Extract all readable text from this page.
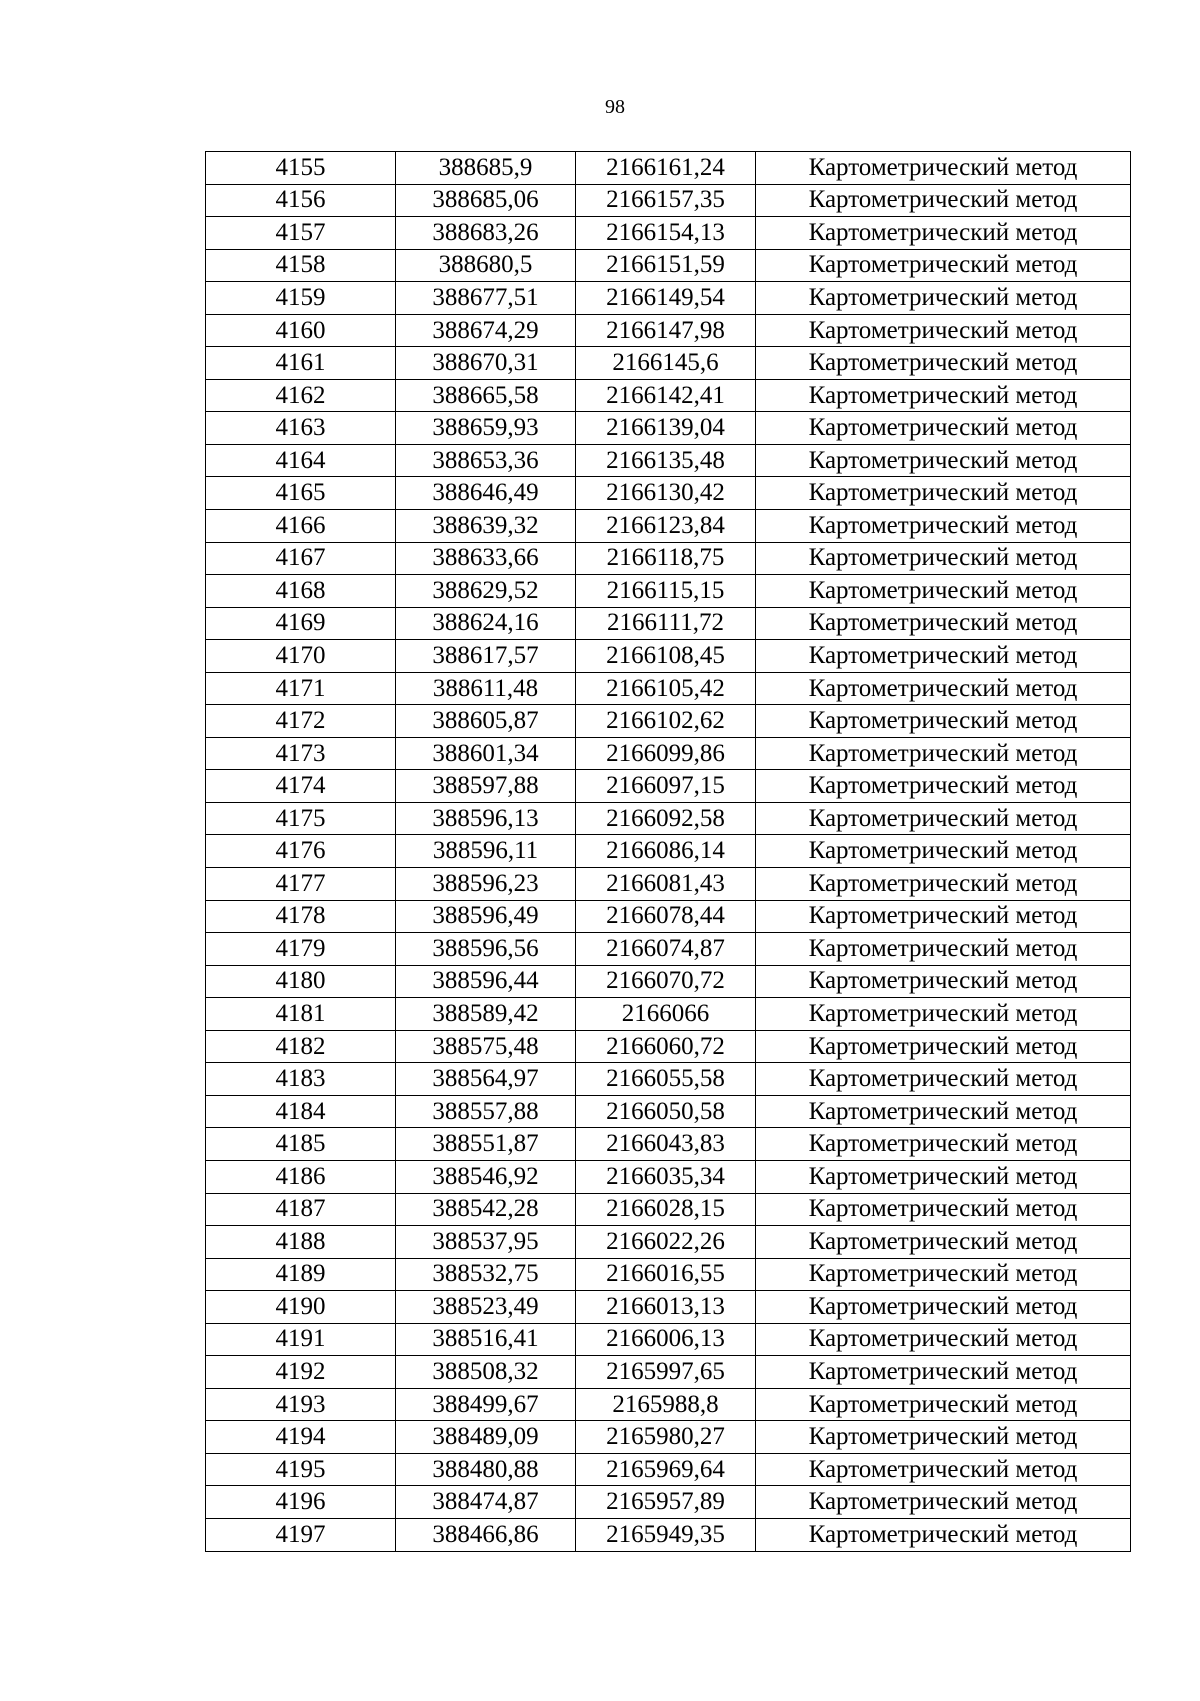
98
4155	388685,9	2166161,24	Картометрический метод
4156	388685,06	2166157,35	Картометрический метод
4157	388683,26	2166154,13	Картометрический метод
4158	388680,5	2166151,59	Картометрический метод
4159	388677,51	2166149,54	Картометрический метод
4160	388674,29	2166147,98	Картометрический метод
4161	388670,31	2166145,6	Картометрический метод
4162	388665,58	2166142,41	Картометрический метод
4163	388659,93	2166139,04	Картометрический метод
4164	388653,36	2166135,48	Картометрический метод
4165	388646,49	2166130,42	Картометрический метод
4166	388639,32	2166123,84	Картометрический метод
4167	388633,66	2166118,75	Картометрический метод
4168	388629,52	2166115,15	Картометрический метод
4169	388624,16	2166111,72	Картометрический метод
4170	388617,57	2166108,45	Картометрический метод
4171	388611,48	2166105,42	Картометрический метод
4172	388605,87	2166102,62	Картометрический метод
4173	388601,34	2166099,86	Картометрический метод
4174	388597,88	2166097,15	Картометрический метод
4175	388596,13	2166092,58	Картометрический метод
4176	388596,11	2166086,14	Картометрический метод
4177	388596,23	2166081,43	Картометрический метод
4178	388596,49	2166078,44	Картометрический метод
4179	388596,56	2166074,87	Картометрический метод
4180	388596,44	2166070,72	Картометрический метод
4181	388589,42	2166066	Картометрический метод
4182	388575,48	2166060,72	Картометрический метод
4183	388564,97	2166055,58	Картометрический метод
4184	388557,88	2166050,58	Картометрический метод
4185	388551,87	2166043,83	Картометрический метод
4186	388546,92	2166035,34	Картометрический метод
4187	388542,28	2166028,15	Картометрический метод
4188	388537,95	2166022,26	Картометрический метод
4189	388532,75	2166016,55	Картометрический метод
4190	388523,49	2166013,13	Картометрический метод
4191	388516,41	2166006,13	Картометрический метод
4192	388508,32	2165997,65	Картометрический метод
4193	388499,67	2165988,8	Картометрический метод
4194	388489,09	2165980,27	Картометрический метод
4195	388480,88	2165969,64	Картометрический метод
4196	388474,87	2165957,89	Картометрический метод
4197	388466,86	2165949,35	Картометрический метод
